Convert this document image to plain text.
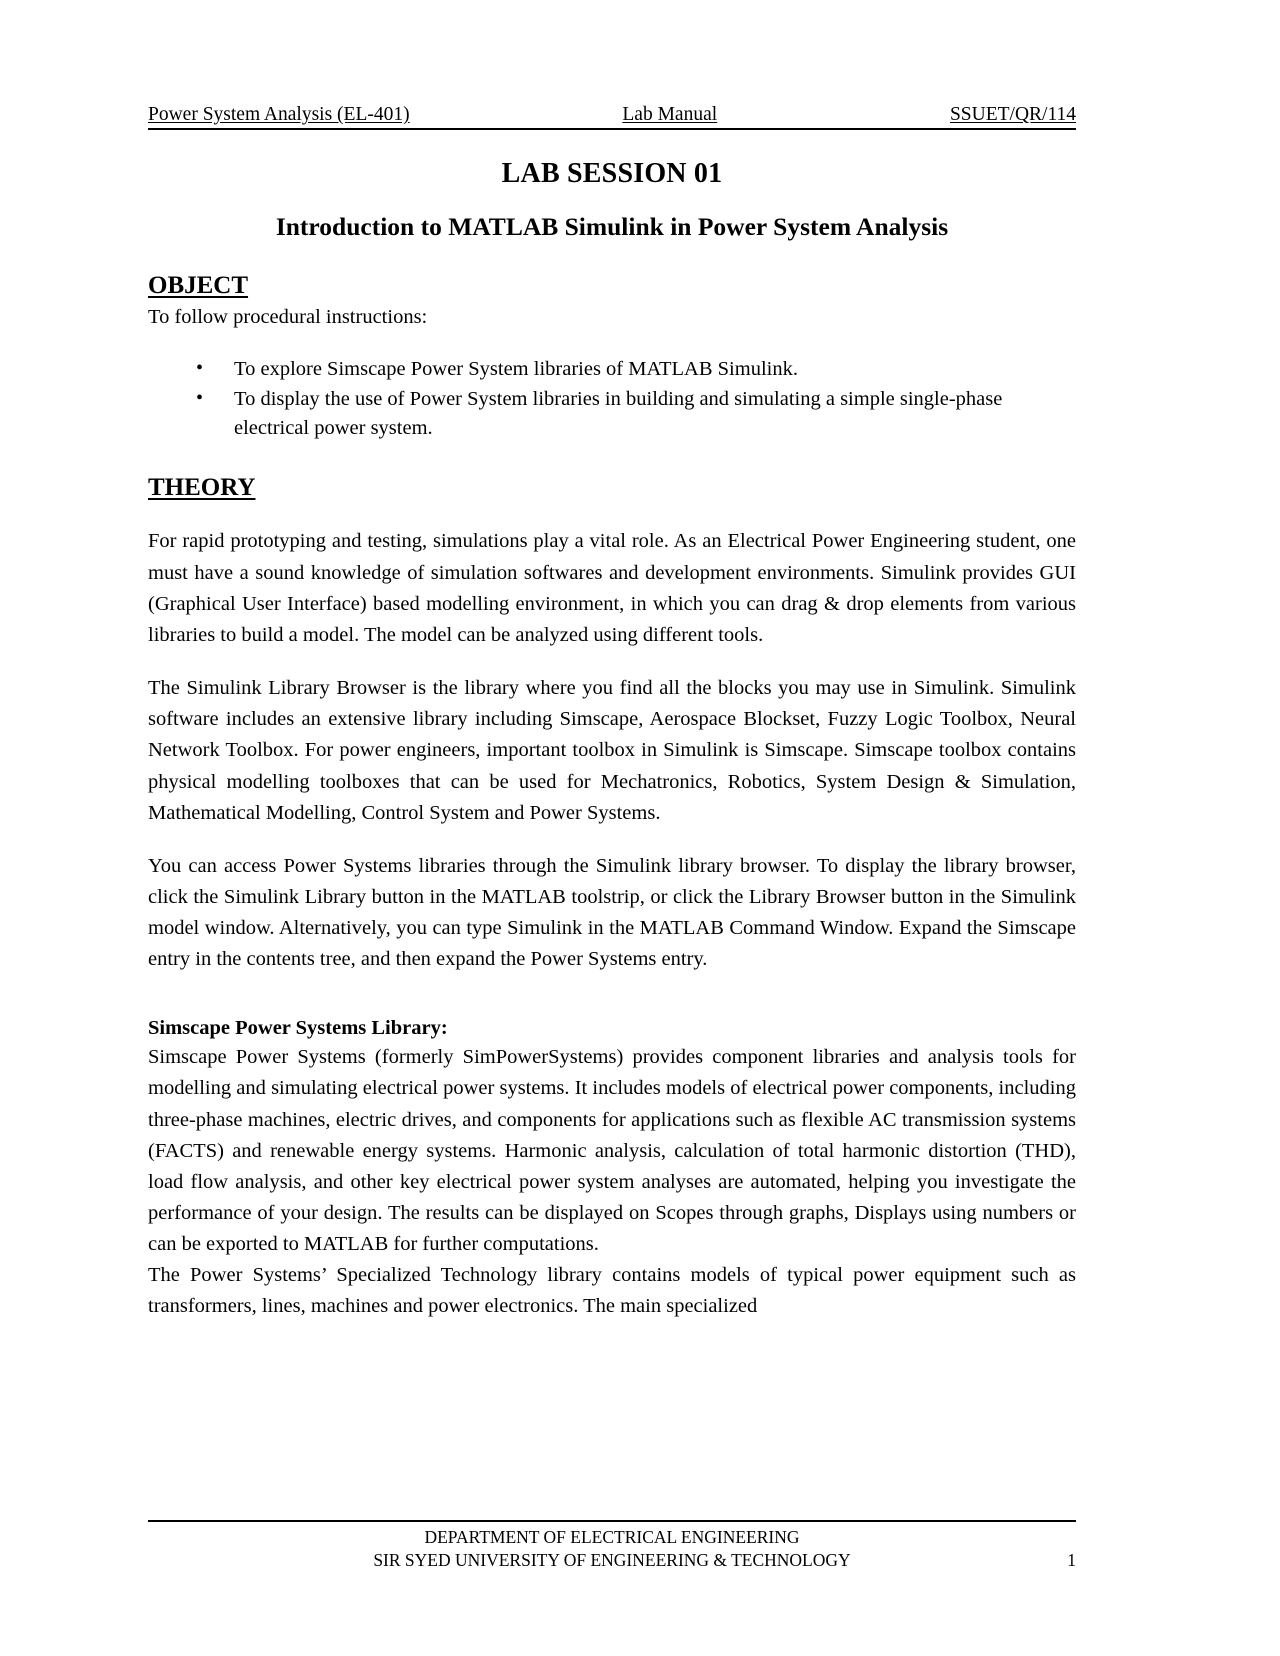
Power System Analysis (EL-401)	Lab Manual	SSUET/QR/114
LAB SESSION 01
Introduction to MATLAB Simulink in Power System Analysis
OBJECT

To follow procedural instructions:

• To explore Simscape Power System libraries of MATLAB Simulink.
• To display the use of Power System libraries in building and simulating a simple single-phase electrical power system.
THEORY

For rapid prototyping and testing, simulations play a vital role. As an Electrical Power Engineering student, one must have a sound knowledge of simulation softwares and development environments. Simulink provides GUI (Graphical User Interface) based modelling environment, in which you can drag & drop elements from various libraries to build a model. The model can be analyzed using different tools.

The Simulink Library Browser is the library where you find all the blocks you may use in Simulink. Simulink software includes an extensive library including Simscape, Aerospace Blockset, Fuzzy Logic Toolbox, Neural Network Toolbox. For power engineers, important toolbox in Simulink is Simscape. Simscape toolbox contains physical modelling toolboxes that can be used for Mechatronics, Robotics, System Design & Simulation, Mathematical Modelling, Control System and Power Systems.

You can access Power Systems libraries through the Simulink library browser. To display the library browser, click the Simulink Library button in the MATLAB toolstrip, or click the Library Browser button in the Simulink model window. Alternatively, you can type Simulink in the MATLAB Command Window. Expand the Simscape entry in the contents tree, and then expand the Power Systems entry.

Simscape Power Systems Library:

Simscape Power Systems (formerly SimPowerSystems) provides component libraries and analysis tools for modelling and simulating electrical power systems. It includes models of electrical power components, including three-phase machines, electric drives, and components for applications such as flexible AC transmission systems (FACTS) and renewable energy systems. Harmonic analysis, calculation of total harmonic distortion (THD), load flow analysis, and other key electrical power system analyses are automated, helping you investigate the performance of your design. The results can be displayed on Scopes through graphs, Displays using numbers or can be exported to MATLAB for further computations.

The Power Systems’ Specialized Technology library contains models of typical power equipment such as transformers, lines, machines and power electronics. The main specialized

DEPARTMENT OF ELECTRICAL ENGINEERING
SIR SYED UNIVERSITY OF ENGINEERING & TECHNOLOGY	1
